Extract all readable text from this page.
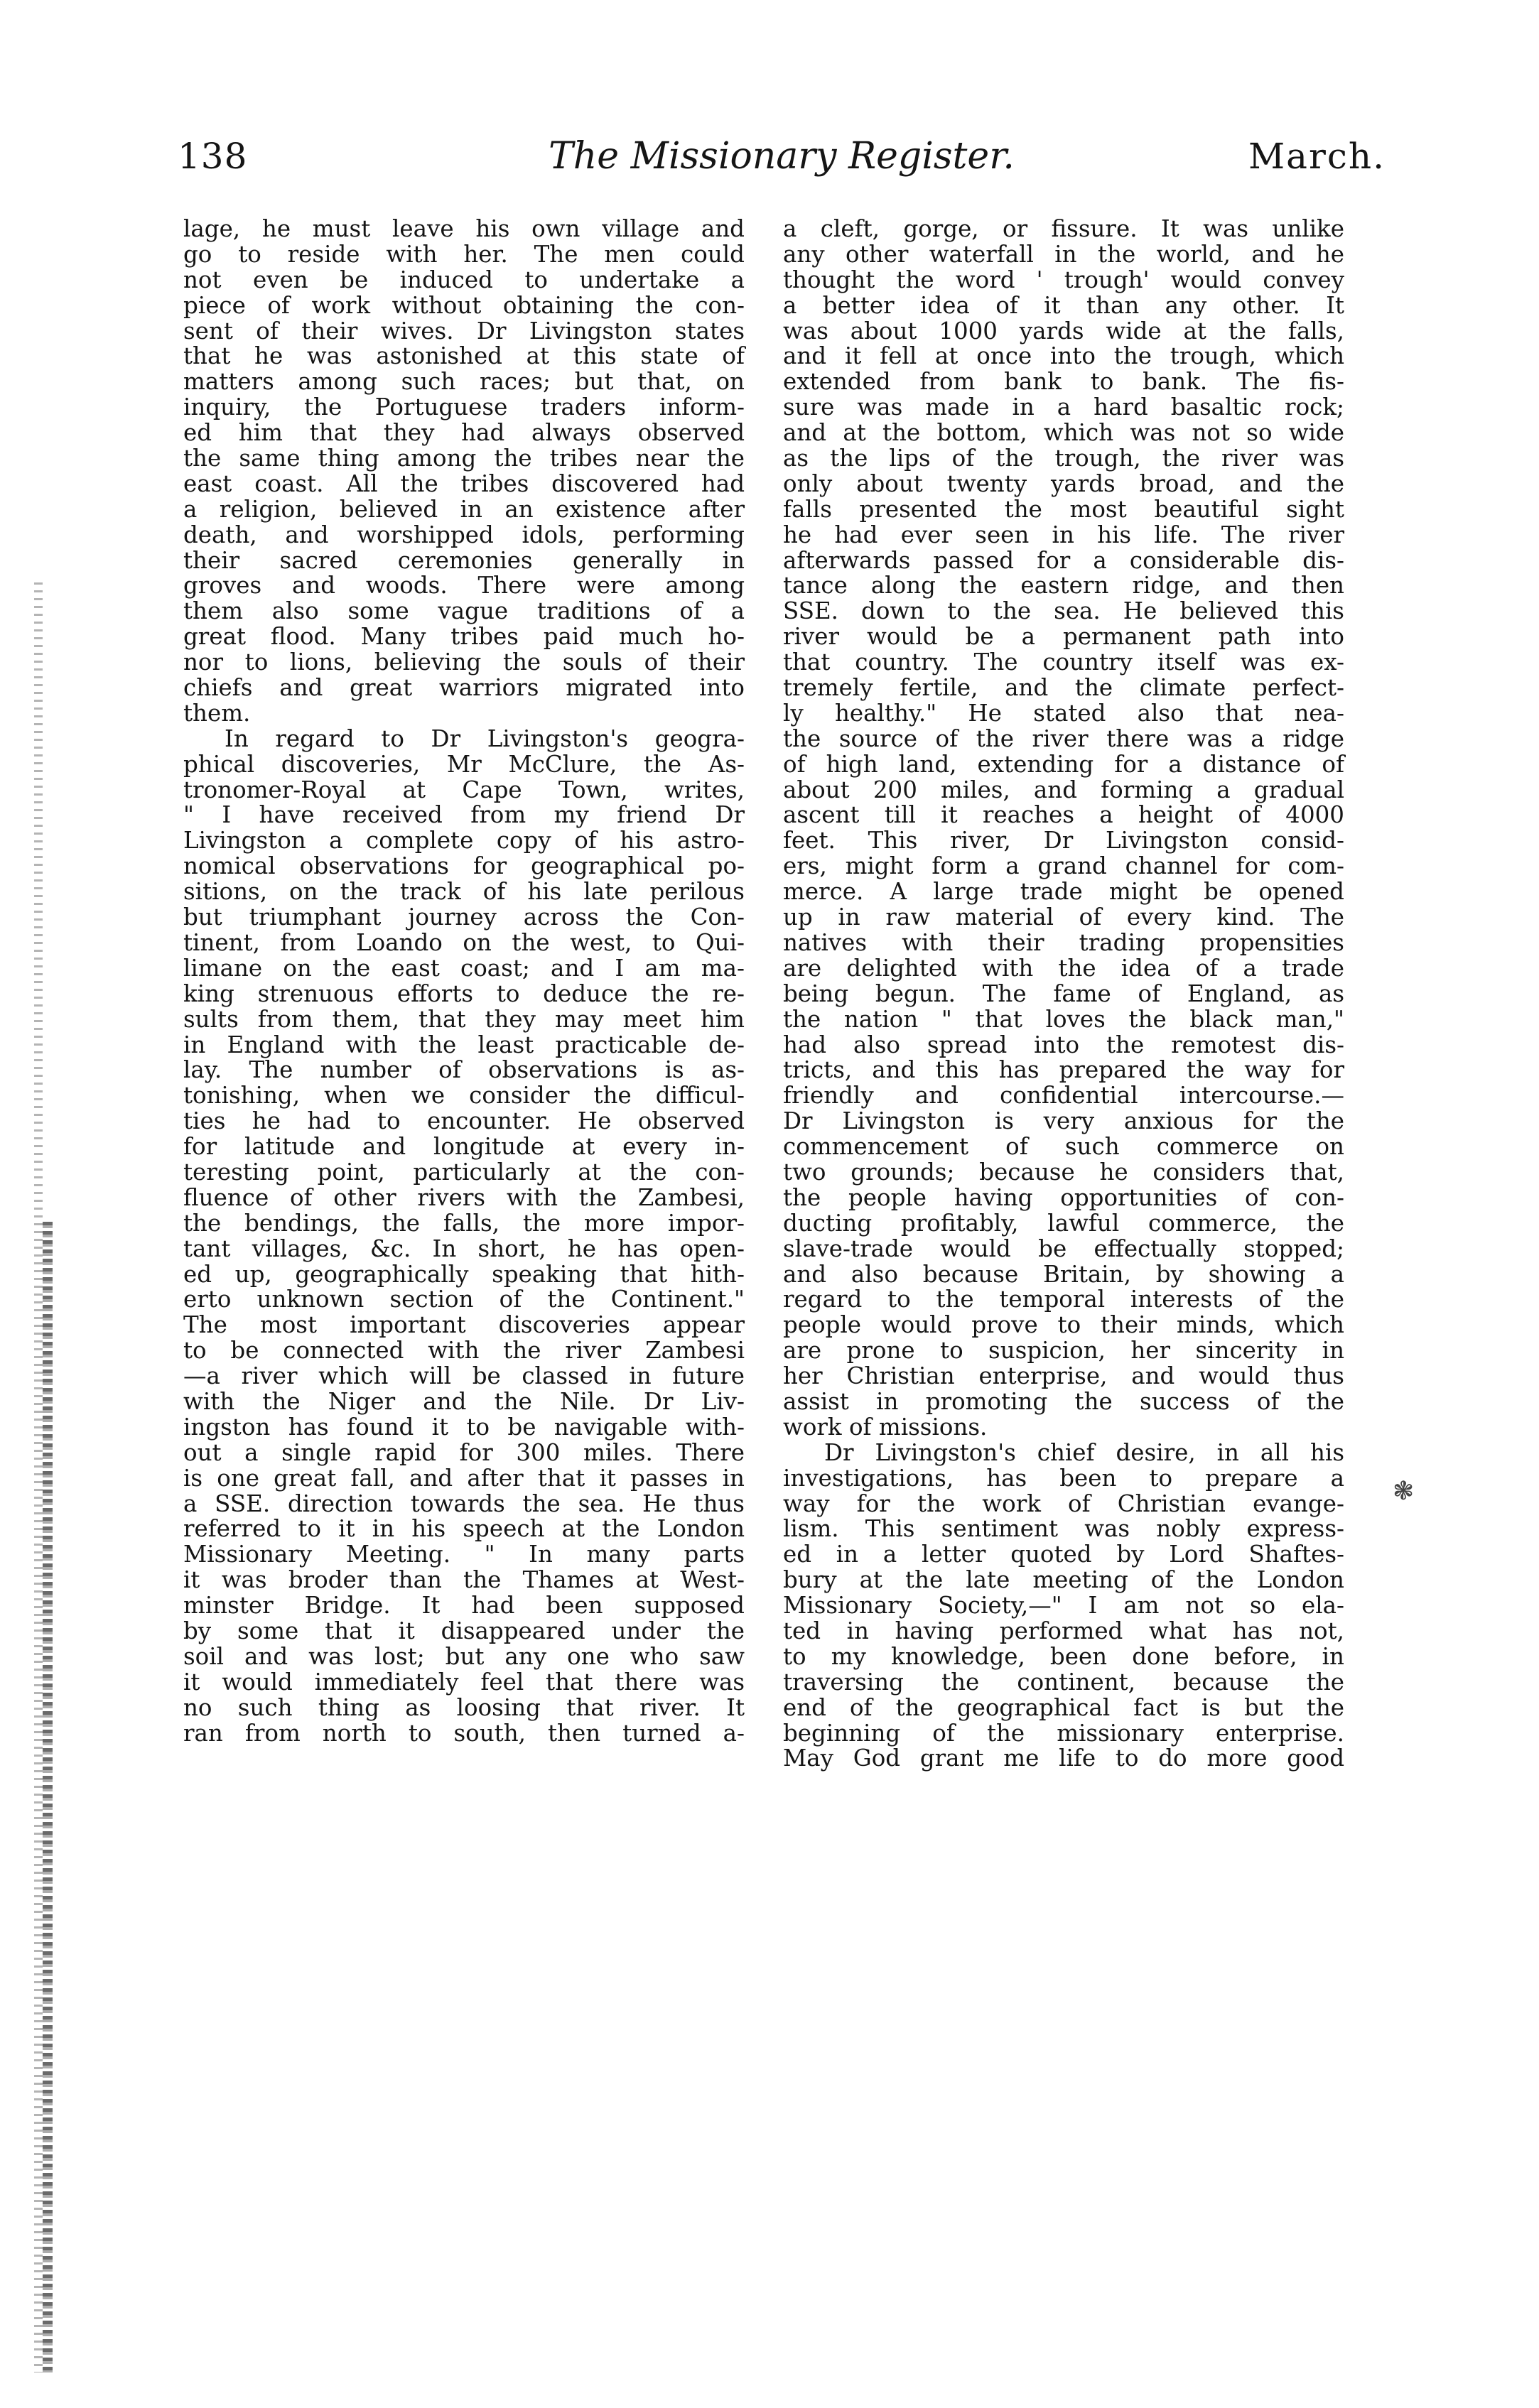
138	The Missionary Register.	March.
lage, he must leave his own village and
go to reside with her. The men could
not even be induced to undertake a
piece of work without obtaining the con-
sent of their wives. Dr Livingston states
that he was astonished at this state of
matters among such races; but that, on
inquiry, the Portuguese traders inform-
ed him that they had always observed
the same thing among the tribes near the
east coast. All the tribes discovered had
a religion, believed in an existence after
death, and worshipped idols, performing
their sacred ceremonies generally in
groves and woods. There were among
them also some vague traditions of a
great flood. Many tribes paid much ho-
nor to lions, believing the souls of their
chiefs and great warriors migrated into
them.
In regard to Dr Livingston's geogra-
phical discoveries, Mr McClure, the As-
tronomer-Royal at Cape Town, writes,
" I have received from my friend Dr
Livingston a complete copy of his astro-
nomical observations for geographical po-
sitions, on the track of his late perilous
but triumphant journey across the Con-
tinent, from Loando on the west, to Qui-
limane on the east coast; and I am ma-
king strenuous efforts to deduce the re-
sults from them, that they may meet him
in England with the least practicable de-
lay. The number of observations is as-
tonishing, when we consider the difficul-
ties he had to encounter. He observed
for latitude and longitude at every in-
teresting point, particularly at the con-
fluence of other rivers with the Zambesi,
the bendings, the falls, the more impor-
tant villages, &c. In short, he has open-
ed up, geographically speaking that hith-
erto unknown section of the Continent."
The most important discoveries appear
to be connected with the river Zambesi
—a river which will be classed in future
with the Niger and the Nile. Dr Liv-
ingston has found it to be navigable with-
out a single rapid for 300 miles. There
is one great fall, and after that it passes in
a SSE. direction towards the sea. He thus
referred to it in his speech at the London
Missionary Meeting. " In many parts
it was broder than the Thames at West-
minster Bridge. It had been supposed
by some that it disappeared under the
soil and was lost; but any one who saw
it would immediately feel that there was
no such thing as loosing that river. It
ran from north to south, then turned a-
a cleft, gorge, or fissure. It was unlike
any other waterfall in the world, and he
thought the word ' trough' would convey
a better idea of it than any other. It
was about 1000 yards wide at the falls,
and it fell at once into the trough, which
extended from bank to bank. The fis-
sure was made in a hard basaltic rock;
and at the bottom, which was not so wide
as the lips of the trough, the river was
only about twenty yards broad, and the
falls presented the most beautiful sight
he had ever seen in his life. The river
afterwards passed for a considerable dis-
tance along the eastern ridge, and then
SSE. down to the sea. He believed this
river would be a permanent path into
that country. The country itself was ex-
tremely fertile, and the climate perfect-
ly healthy." He stated also that nea-
the source of the river there was a ridge
of high land, extending for a distance of
about 200 miles, and forming a gradual
ascent till it reaches a height of 4000
feet. This river, Dr Livingston consid-
ers, might form a grand channel for com-
merce. A large trade might be opened
up in raw material of every kind. The
natives with their trading propensities
are delighted with the idea of a trade
being begun. The fame of England, as
the nation " that loves the black man,"
had also spread into the remotest dis-
tricts, and this has prepared the way for
friendly and confidential intercourse.—
Dr Livingston is very anxious for the
commencement of such commerce on
two grounds; because he considers that,
the people having opportunities of con-
ducting profitably, lawful commerce, the
slave-trade would be effectually stopped;
and also because Britain, by showing a
regard to the temporal interests of the
people would prove to their minds, which
are prone to suspicion, her sincerity in
her Christian enterprise, and would thus
assist in promoting the success of the
work of missions.
Dr Livingston's chief desire, in all his
investigations, has been to prepare a
way for the work of Christian evange-
lism. This sentiment was nobly express-
ed in a letter quoted by Lord Shaftes-
bury at the late meeting of the London
Missionary Society,—" I am not so ela-
ted in having performed what has not,
to my knowledge, been done before, in
traversing the continent, because the
end of the geographical fact is but the
beginning of the missionary enterprise.
May God grant me life to do more good
❃
